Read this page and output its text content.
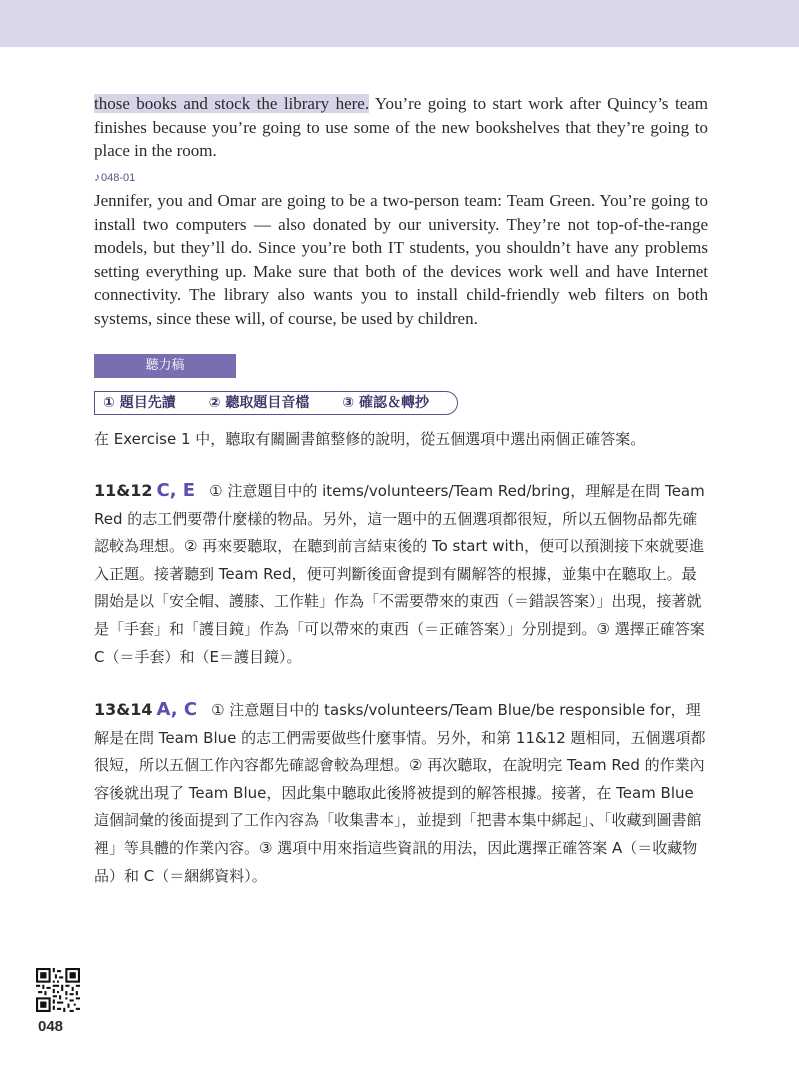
those books and stock the library here. You’re going to start work after Quincy’s team finishes because you’re going to use some of the new bookshelves that they’re going to place in the room.

♪048-01

Jennifer, you and Omar are going to be a two-person team: Team Green. You’re going to install two computers — also donated by our university. They’re not top-of-the-range models, but they’ll do. Since you’re both IT students, you shouldn’t have any problems setting everything up. Make sure that both of the devices work well and have Internet connectivity. The library also wants you to install child-friendly web filters on both systems, since these will, of course, be used by children.

聽力稿
① 題目先讀 ② 聽取題目音檔 ③ 確認＆轉抄

在 Exercise 1 中，聽取有關圖書館整修的說明，從五個選項中選出兩個正確答案。

11&12 C, E ① 注意題目中的 items/volunteers/Team Red/bring，理解是在問 Team Red 的志工們要帶什麼樣的物品。另外，這一題中的五個選項都很短，所以五個物品都先確認較為理想。② 再來要聽取，在聽到前言結束後的 To start with，便可以預測接下來就要進入正題。接著聽到 Team Red，便可判斷後面會提到有關解答的根據，並集中在聽取上。最開始是以「安全帽、護膝、工作鞋」作為「不需要帶來的東西（＝錯誤答案）」出現，接著就是「手套」和「護目鏡」作為「可以帶來的東西（＝正確答案）」分別提到。③ 選擇正確答案 C（＝手套）和（E＝護目鏡）。

13&14 A, C ① 注意題目中的 tasks/volunteers/Team Blue/be responsible for，理解是在問 Team Blue 的志工們需要做些什麼事情。另外，和第 11&12 題相同，五個選項都很短，所以五個工作內容都先確認會較為理想。② 再次聽取，在說明完 Team Red 的作業內容後就出現了 Team Blue，因此集中聽取此後將被提到的解答根據。接著，在 Team Blue 這個詞彙的後面提到了工作內容為「收集書本」，並提到「把書本集中綁起」、「收藏到圖書館裡」等具體的作業內容。③ 選項中用來指這些資訊的用法，因此選擇正確答案 A（＝收藏物品）和 C（＝綑綁資料）。

048
